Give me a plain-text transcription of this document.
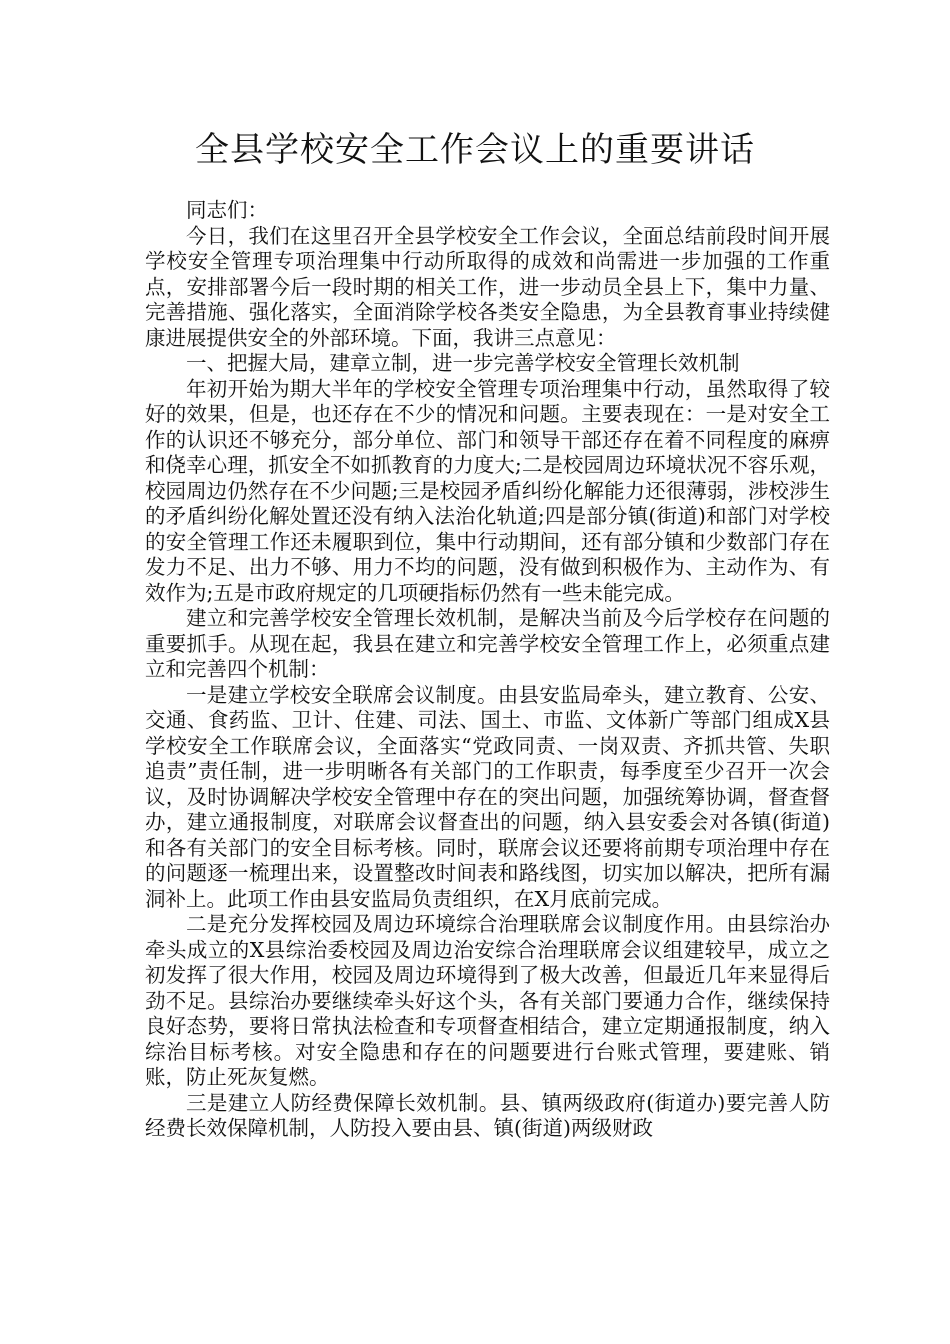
全县学校安全工作会议上的重要讲话

同志们：

今日，我们在这里召开全县学校安全工作会议，全面总结前段时间开展学校安全管理专项治理集中行动所取得的成效和尚需进一步加强的工作重点，安排部署今后一段时期的相关工作，进一步动员全县上下，集中力量、完善措施、强化落实，全面消除学校各类安全隐患，为全县教育事业持续健康进展提供安全的外部环境。下面，我讲三点意见：

一、把握大局，建章立制，进一步完善学校安全管理长效机制

年初开始为期大半年的学校安全管理专项治理集中行动，虽然取得了较好的效果，但是，也还存在不少的情况和问题。主要表现在：一是对安全工作的认识还不够充分，部分单位、部门和领导干部还存在着不同程度的麻痹和侥幸心理，抓安全不如抓教育的力度大;二是校园周边环境状况不容乐观，校园周边仍然存在不少问题;三是校园矛盾纠纷化解能力还很薄弱，涉校涉生的矛盾纠纷化解处置还没有纳入法治化轨道;四是部分镇(街道)和部门对学校的安全管理工作还未履职到位，集中行动期间，还有部分镇和少数部门存在发力不足、出力不够、用力不均的问题，没有做到积极作为、主动作为、有效作为;五是市政府规定的几项硬指标仍然有一些未能完成。

建立和完善学校安全管理长效机制，是解决当前及今后学校存在问题的重要抓手。从现在起，我县在建立和完善学校安全管理工作上，必须重点建立和完善四个机制：

一是建立学校安全联席会议制度。由县安监局牵头，建立教育、公安、交通、食药监、卫计、住建、司法、国土、市监、文体新广等部门组成X县学校安全工作联席会议，全面落实“党政同责、一岗双责、齐抓共管、失职追责”责任制，进一步明晰各有关部门的工作职责，每季度至少召开一次会议，及时协调解决学校安全管理中存在的突出问题，加强统筹协调，督查督办，建立通报制度，对联席会议督查出的问题，纳入县安委会对各镇(街道)和各有关部门的安全目标考核。同时，联席会议还要将前期专项治理中存在的问题逐一梳理出来，设置整改时间表和路线图，切实加以解决，把所有漏洞补上。此项工作由县安监局负责组织，在X月底前完成。

二是充分发挥校园及周边环境综合治理联席会议制度作用。由县综治办牵头成立的X县综治委校园及周边治安综合治理联席会议组建较早，成立之初发挥了很大作用，校园及周边环境得到了极大改善，但最近几年来显得后劲不足。县综治办要继续牵头好这个头，各有关部门要通力合作，继续保持良好态势，要将日常执法检查和专项督查相结合，建立定期通报制度，纳入综治目标考核。对安全隐患和存在的问题要进行台账式管理，要建账、销账，防止死灰复燃。

三是建立人防经费保障长效机制。县、镇两级政府(街道办)要完善人防经费长效保障机制，人防投入要由县、镇(街道)两级财政
